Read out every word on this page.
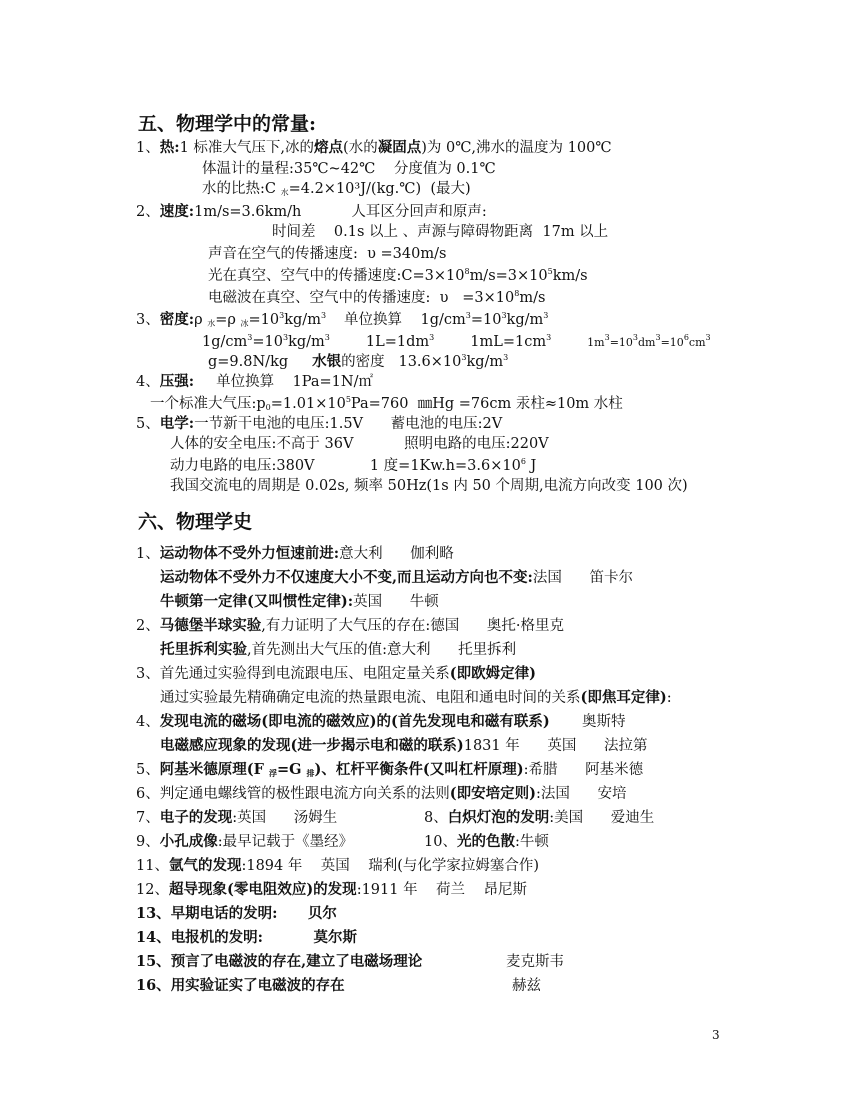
五、物理学中的常量:
1、热:1 标准大气压下,冰的熔点(水的凝固点)为 0℃,沸水的温度为 100℃
体温计的量程:35℃~42℃    分度值为 0.1℃
水的比热:C $_水$=4.2×10³J/(kg.℃)  (最大)
2、速度:1m/s=3.6km/h	人耳区分回声和原声:
时间差    0.1s 以上 、声源与障碍物距离  17m 以上
声音在空气的传播速度:  υ =340m/s
光在真空、空气中的传播速度$:C=3\times 10^8m/s=3\times 10^5km/s$
电磁波在真空、空气中的传播速度:  $\upsilon =3\times 10^8m/s$
3、密度:ρ $_水$=ρ $_冰=10^3kg/m^3$ 单位换算    $1g/cm^3=10^3kg/m^3$
$1g/cm^3=10^3kg/m^3$ $1L=1dm^3$ $1mL=1cm^3$	$1m^3=10^3dm^3=10^6cm^3$
g=9.8N/kg 水银的密度   $13.6\times 10^3kg/m^3$
4、压强: 单位换算    1Pa=1N/㎡
一个标准大气压$:p_0=1.01\times 10^5Pa=760$  ㎜Hg =76cm 汞柱≈10m 水柱
5、电学:一节新干电池的电压:1.5V      蓄电池的电压:2V
人体的安全电压:不高于 36V           照明电路的电压:220V
动力电路的电压:380V            1 度$=1Kw.h=3.6\times 10^6$ J
我国交流电的周期是 0.02s, 频率 50Hz(1s 内 50 个周期,电流方向改变 100 次)
六、物理学史
1、运动物体不受外力恒速前进:意大利      伽利略
运动物体不受外力不仅速度大小不变,而且运动方向也不变:法国      笛卡尔
牛顿第一定律(又叫惯性定律):英国      牛顿
2、马德堡半球实验,有力证明了大气压的存在:德国      奥托·格里克
托里拆利实验,首先测出大气压的值:意大利      托里拆利
3、首先通过实验得到电流跟电压、电阻定量关系(即欧姆定律)
通过实验最先精确确定电流的热量跟电流、电阻和通电时间的关系(即焦耳定律):
4、发现电流的磁场(即电流的磁效应)的(首先发现电和磁有联系)       奥斯特
电磁感应现象的发现(进一步揭示电和磁的联系)1831 年      英国      法拉第
5、阿基米德原理(F $_浮$=G $_排$)、杠杆平衡条件(又叫杠杆原理):希腊      阿基米德
6、判定通电螺线管的极性跟电流方向关系的法则(即安培定则):法国      安培
7、电子的发现:英国      汤姆生	8、白炽灯泡的发明:美国      爱迪生
9、小孔成像:最早记载于《墨经》	10、光的色散:牛顿
11、氩气的发现:1894 年    英国    瑞利(与化学家拉姆塞合作)
12、超导现象(零电阻效应)的发现:1911 年    荷兰    昂尼斯
13、早期电话的发明:      贝尔
14、电报机的发明:          莫尔斯
15、预言了电磁波的存在,建立了电磁场理论	麦克斯韦
16、用实验证实了电磁波的存在	赫兹
3
